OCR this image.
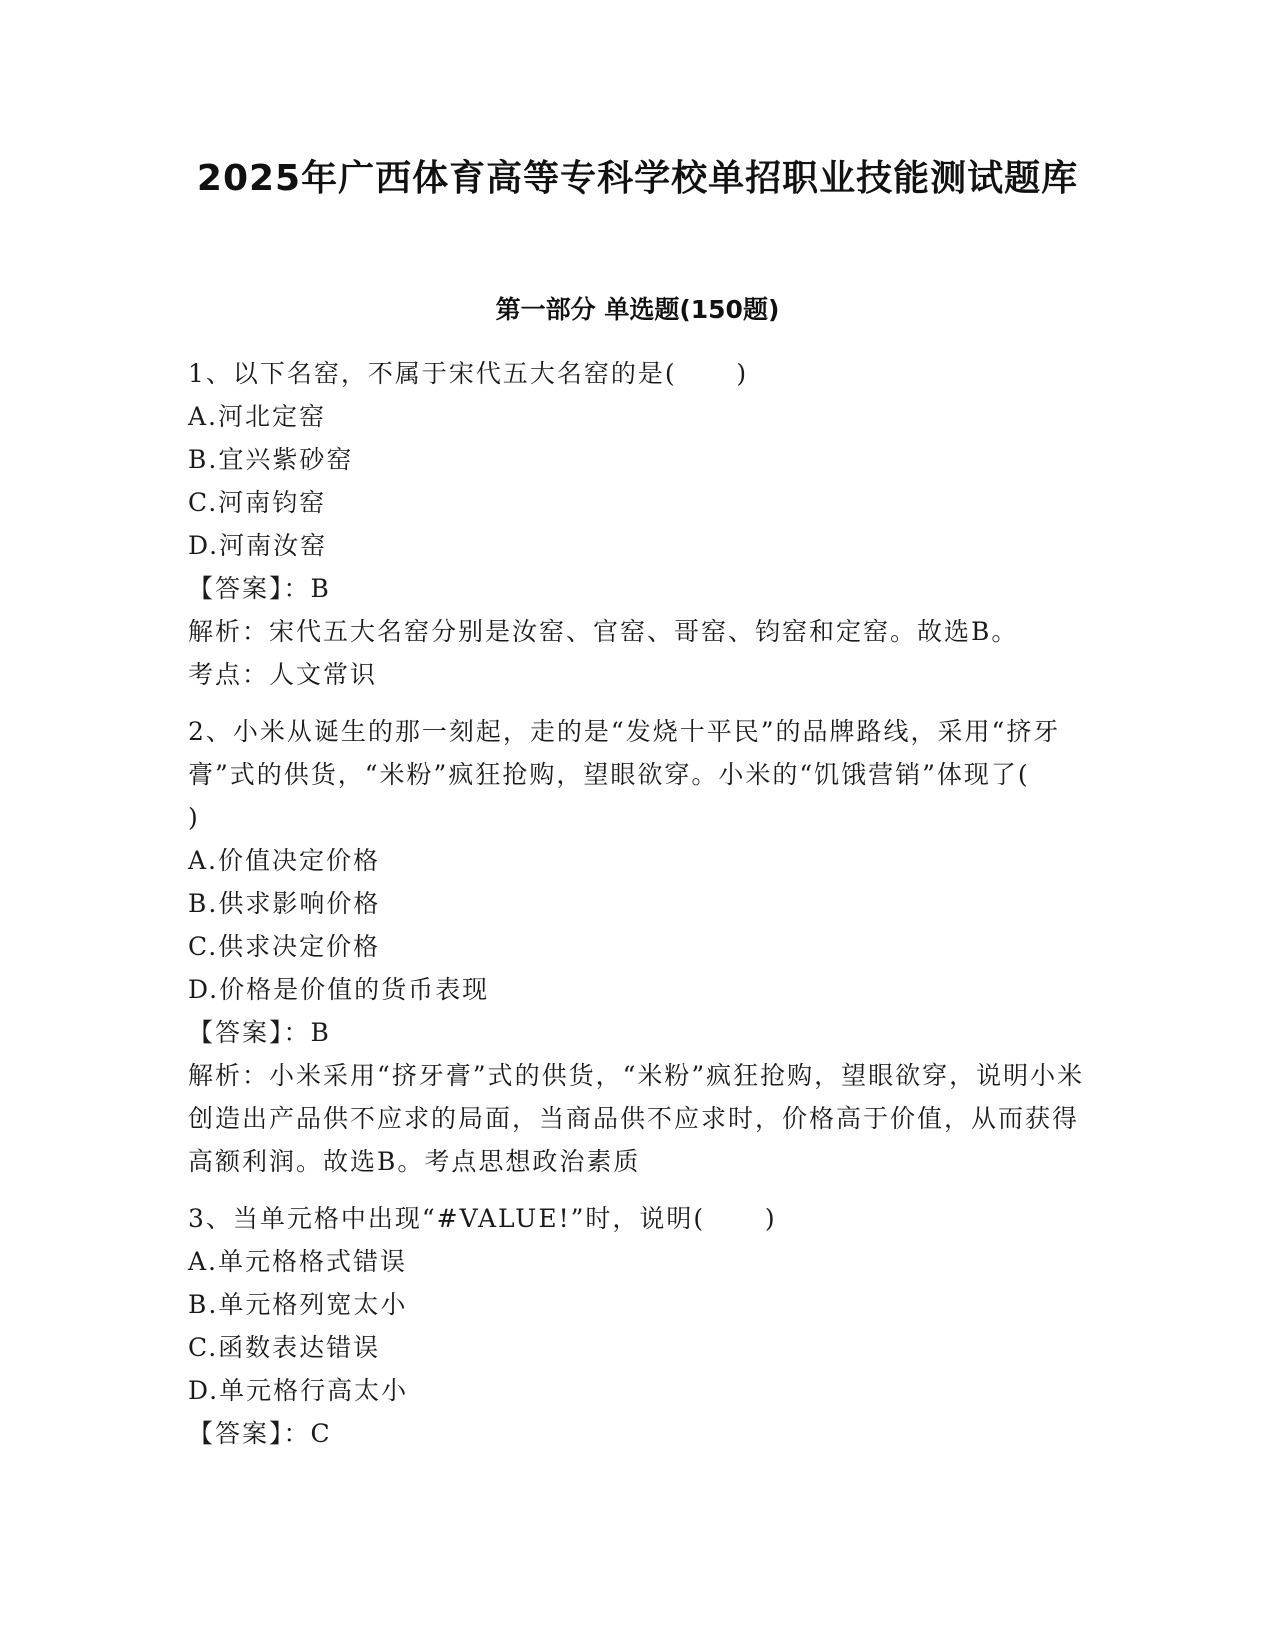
2025年广西体育高等专科学校单招职业技能测试题库
第一部分 单选题(150题)
1、以下名窑，不属于宋代五大名窑的是(      )
A.河北定窑
B.宜兴紫砂窑
C.河南钧窑
D.河南汝窑
【答案】：B
解析：宋代五大名窑分别是汝窑、官窑、哥窑、钧窑和定窑。故选B。
考点：人文常识
2、小米从诞生的那一刻起，走的是“发烧十平民”的品牌路线，采用“挤牙膏”式的供货，“米粉”疯狂抢购，望眼欲穿。小米的“饥饿营销”体现了(      )
A.价值决定价格
B.供求影响价格
C.供求决定价格
D.价格是价值的货币表现
【答案】：B
解析：小米采用“挤牙膏”式的供货，“米粉”疯狂抢购，望眼欲穿，说明小米创造出产品供不应求的局面，当商品供不应求时，价格高于价值，从而获得高额利润。故选B。考点思想政治素质
3、当单元格中出现“#VALUE!”时，说明(      )
A.单元格格式错误
B.单元格列宽太小
C.函数表达错误
D.单元格行高太小
【答案】：C
